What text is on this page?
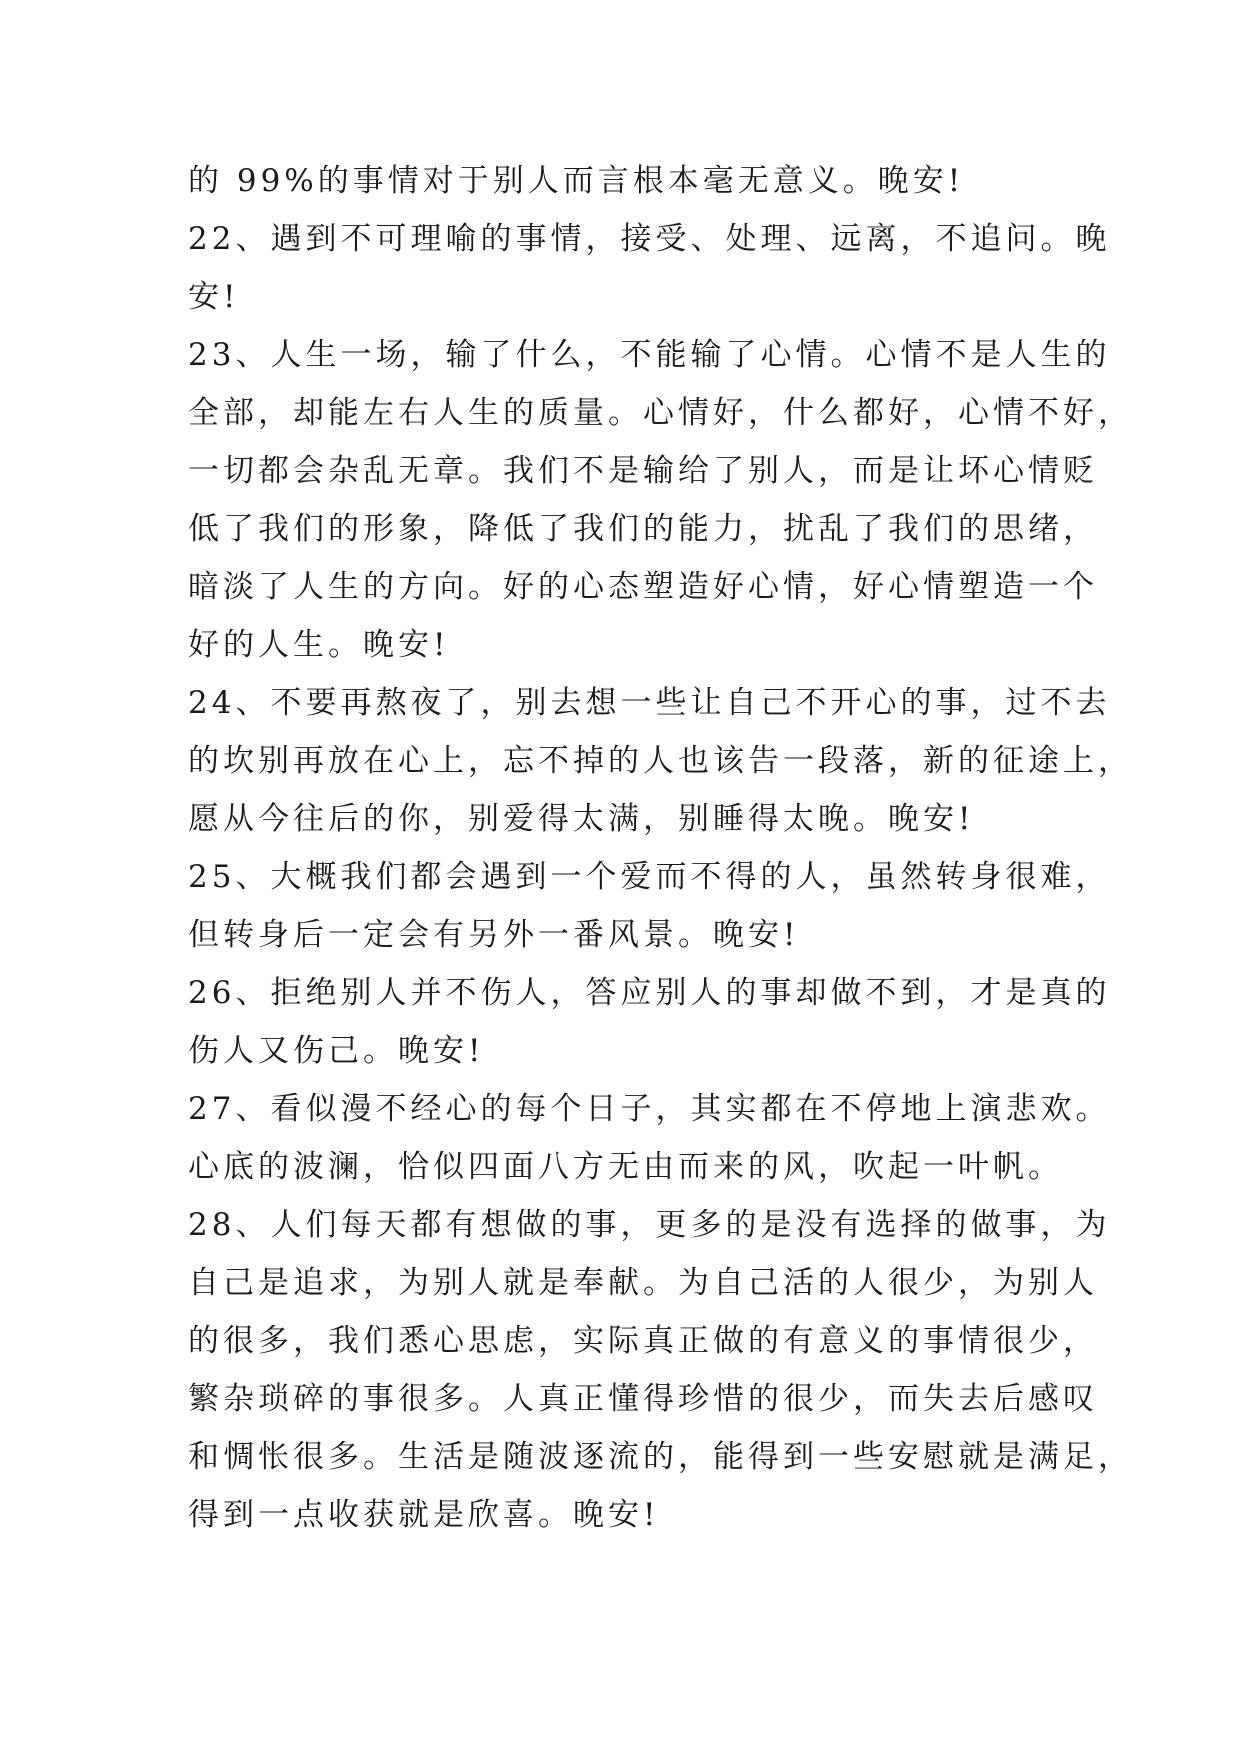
的 99%的事情对于别人而言根本毫无意义。晚安!
22、遇到不可理喻的事情，接受、处理、远离，不追问。晚
安!
23、人生一场，输了什么，不能输了心情。心情不是人生的
全部，却能左右人生的质量。心情好，什么都好，心情不好，
一切都会杂乱无章。我们不是输给了别人，而是让坏心情贬
低了我们的形象，降低了我们的能力，扰乱了我们的思绪，
暗淡了人生的方向。好的心态塑造好心情，好心情塑造一个
好的人生。晚安!
24、不要再熬夜了，别去想一些让自己不开心的事，过不去
的坎别再放在心上，忘不掉的人也该告一段落，新的征途上，
愿从今往后的你，别爱得太满，别睡得太晚。晚安!
25、大概我们都会遇到一个爱而不得的人，虽然转身很难，
但转身后一定会有另外一番风景。晚安!
26、拒绝别人并不伤人，答应别人的事却做不到，才是真的
伤人又伤己。晚安!
27、看似漫不经心的每个日子，其实都在不停地上演悲欢。
心底的波澜，恰似四面八方无由而来的风，吹起一叶帆。
28、人们每天都有想做的事，更多的是没有选择的做事，为
自己是追求，为别人就是奉献。为自己活的人很少，为别人
的很多，我们悉心思虑，实际真正做的有意义的事情很少，
繁杂琐碎的事很多。人真正懂得珍惜的很少，而失去后感叹
和惆怅很多。生活是随波逐流的，能得到一些安慰就是满足，
得到一点收获就是欣喜。晚安!
